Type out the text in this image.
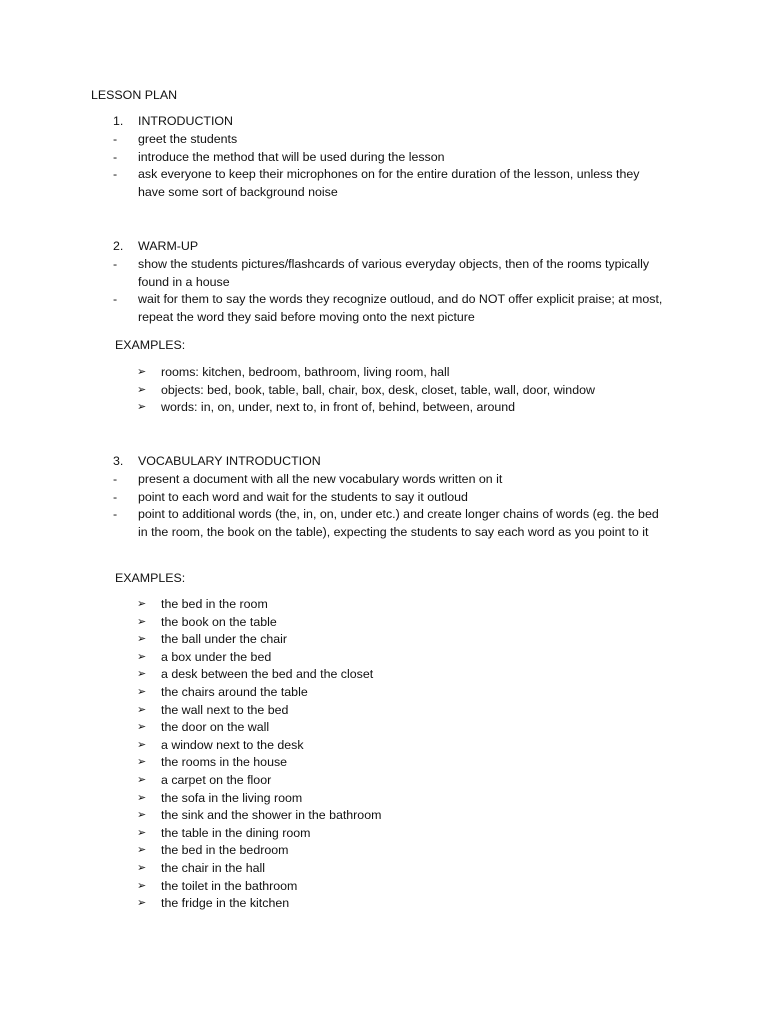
LESSON PLAN
1. INTRODUCTION
- greet the students
- introduce the method that will be used during the lesson
- ask everyone to keep their microphones on for the entire duration of the lesson, unless they have some sort of background noise
2. WARM-UP
- show the students pictures/flashcards of various everyday objects, then of the rooms typically found in a house
- wait for them to say the words they recognize outloud, and do NOT offer explicit praise; at most, repeat the word they said before moving onto the next picture
EXAMPLES:
➢ rooms: kitchen, bedroom, bathroom, living room, hall
➢ objects: bed, book, table, ball, chair, box, desk, closet, table, wall, door, window
➢ words: in, on, under, next to, in front of, behind, between, around
3. VOCABULARY INTRODUCTION
- present a document with all the new vocabulary words written on it
- point to each word and wait for the students to say it outloud
- point to additional words (the, in, on, under etc.) and create longer chains of words (eg. the bed in the room, the book on the table), expecting the students to say each word as you point to it
EXAMPLES:
➢ the bed in the room
➢ the book on the table
➢ the ball under the chair
➢ a box under the bed
➢ a desk between the bed and the closet
➢ the chairs around the table
➢ the wall next to the bed
➢ the door on the wall
➢ a window next to the desk
➢ the rooms in the house
➢ a carpet on the floor
➢ the sofa in the living room
➢ the sink and the shower in the bathroom
➢ the table in the dining room
➢ the bed in the bedroom
➢ the chair in the hall
➢ the toilet in the bathroom
➢ the fridge in the kitchen
